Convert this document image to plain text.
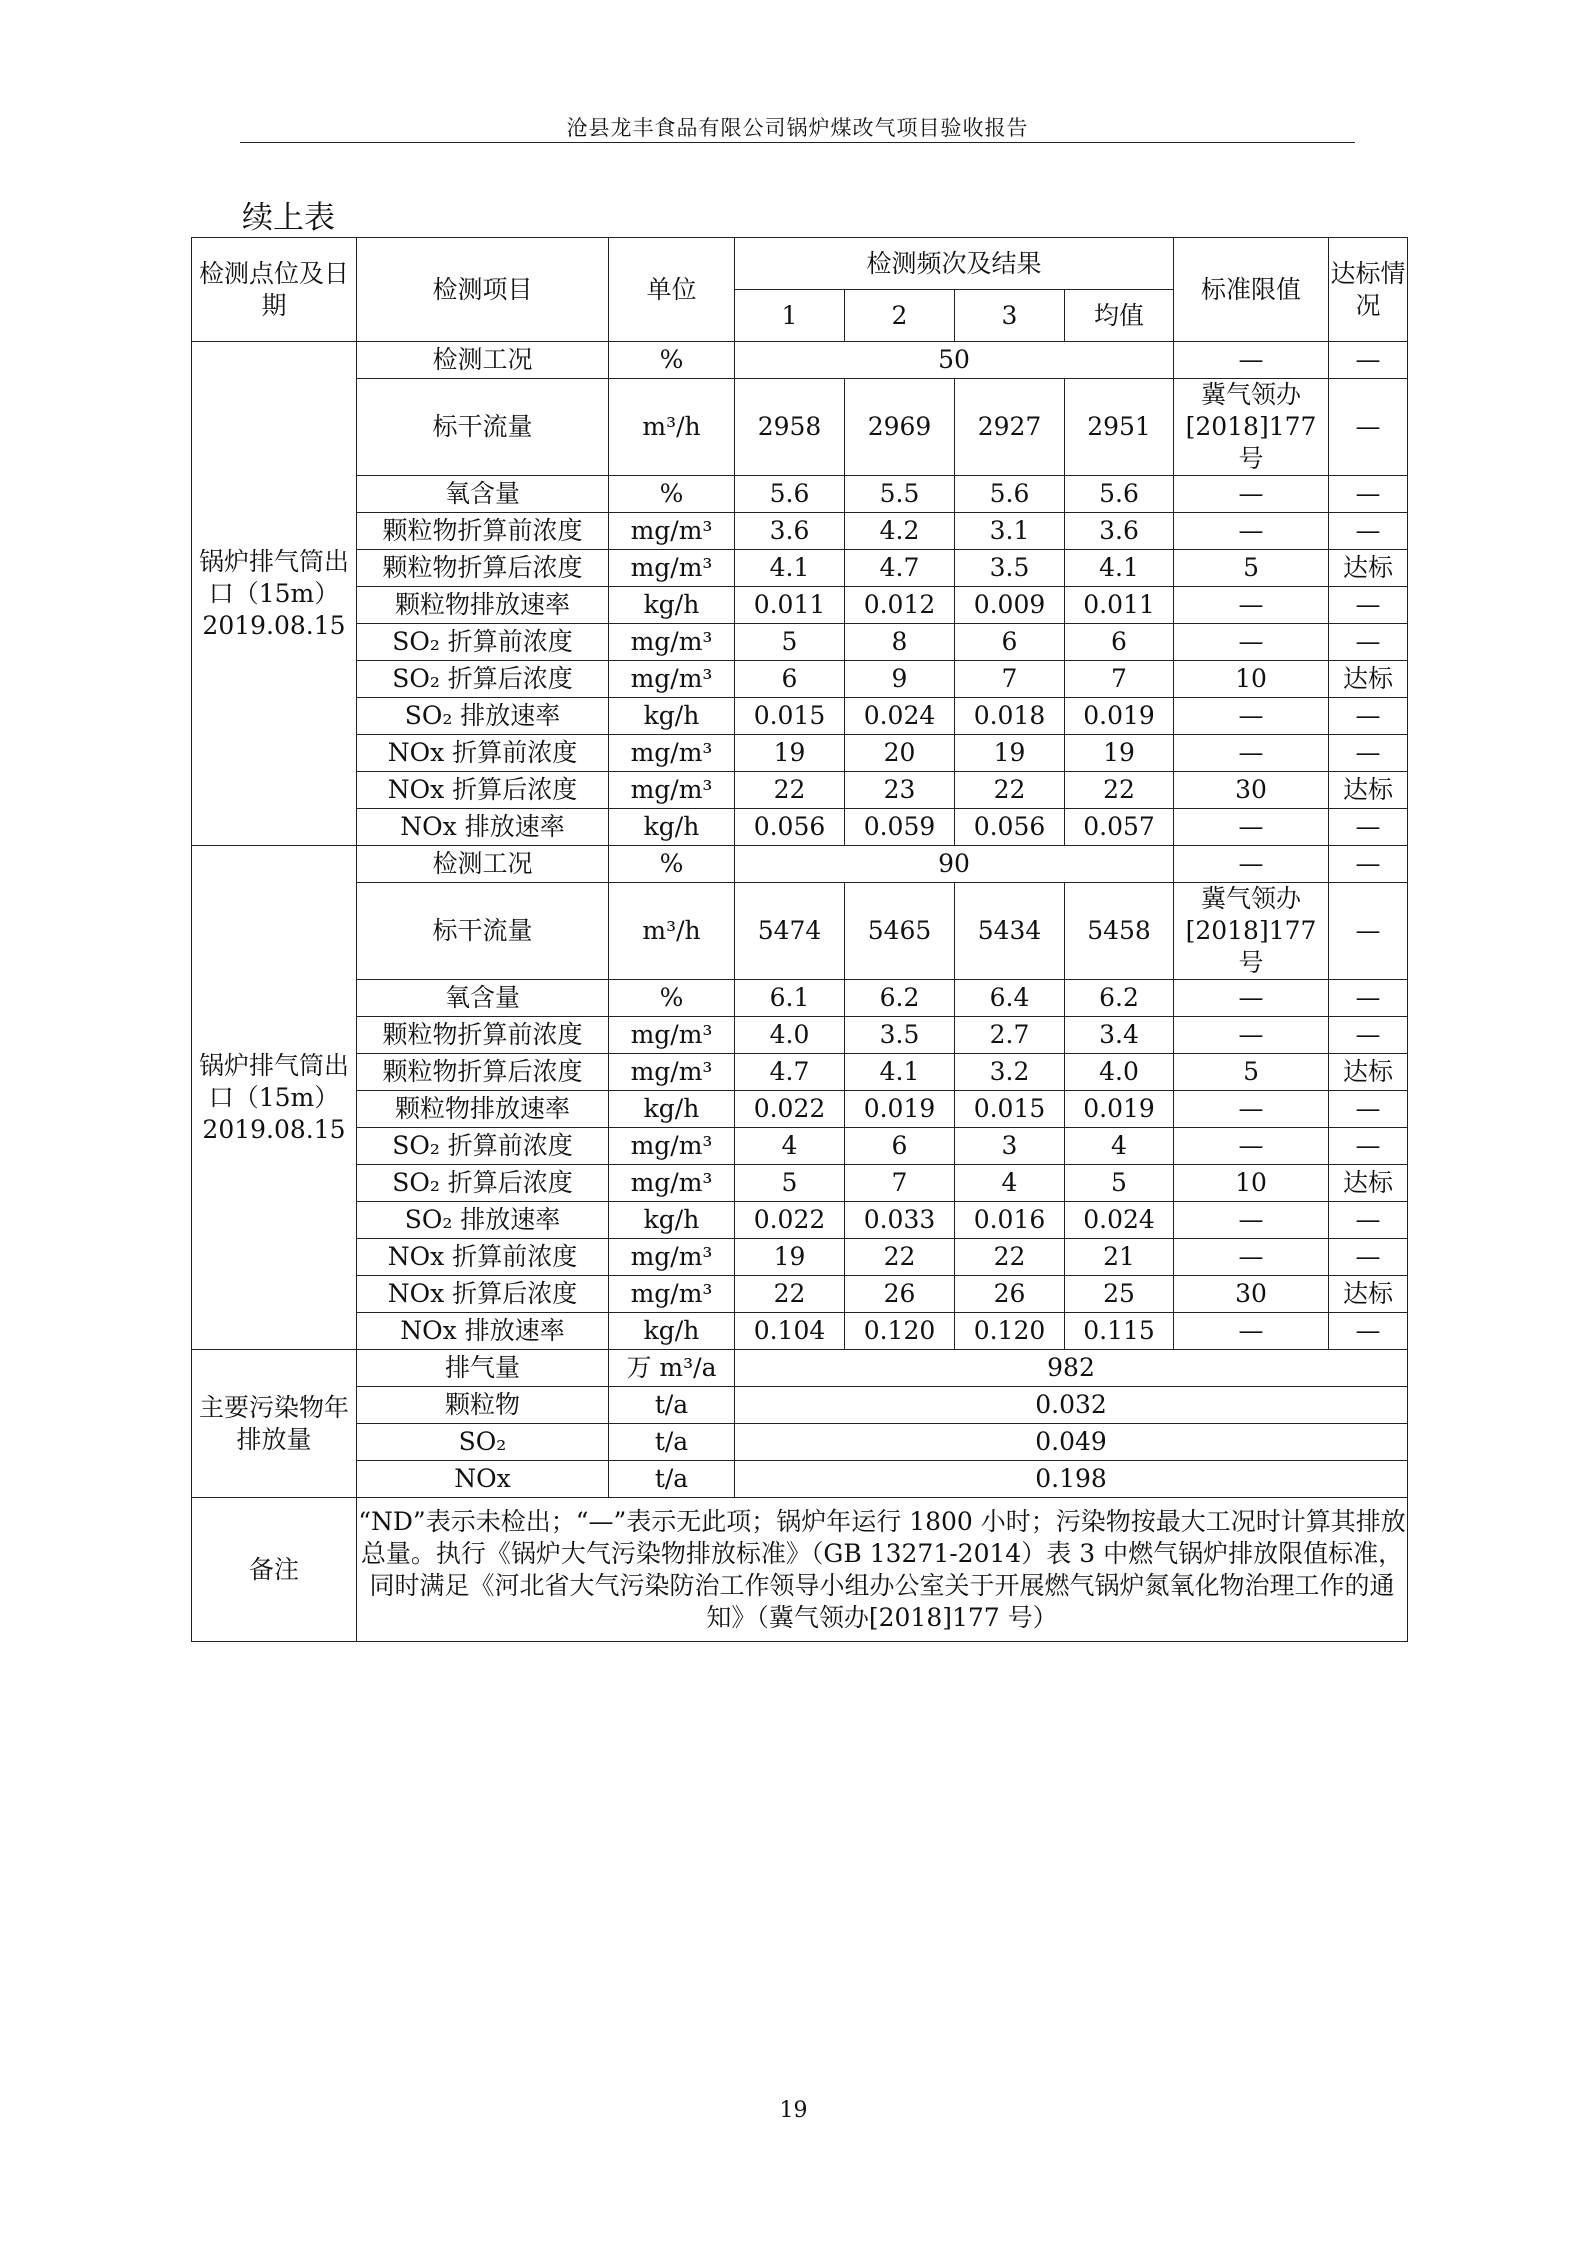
沧县龙丰食品有限公司锅炉煤改气项目验收报告
续上表
检测点位及日期	检测项目	单位	检测频次及结果				标准限值	达标情况
			1	2	3	均值		
锅炉排气筒出口（15m）2019.08.15	检测工况	%	50				—	—
	标干流量	m³/h	2958	2969	2927	2951	冀气领办[2018]177 号	—
	氧含量	%	5.6	5.5	5.6	5.6	—	—
	颗粒物折算前浓度	mg/m³	3.6	4.2	3.1	3.6	—	—
	颗粒物折算后浓度	mg/m³	4.1	4.7	3.5	4.1	5	达标
	颗粒物排放速率	kg/h	0.011	0.012	0.009	0.011	—	—
	SO₂ 折算前浓度	mg/m³	5	8	6	6	—	—
	SO₂ 折算后浓度	mg/m³	6	9	7	7	10	达标
	SO₂ 排放速率	kg/h	0.015	0.024	0.018	0.019	—	—
	NOx 折算前浓度	mg/m³	19	20	19	19	—	—
	NOx 折算后浓度	mg/m³	22	23	22	22	30	达标
	NOx 排放速率	kg/h	0.056	0.059	0.056	0.057	—	—
锅炉排气筒出口（15m）2019.08.15	检测工况	%	90				—	—
	标干流量	m³/h	5474	5465	5434	5458	冀气领办[2018]177 号	—
	氧含量	%	6.1	6.2	6.4	6.2	—	—
	颗粒物折算前浓度	mg/m³	4.0	3.5	2.7	3.4	—	—
	颗粒物折算后浓度	mg/m³	4.7	4.1	3.2	4.0	5	达标
	颗粒物排放速率	kg/h	0.022	0.019	0.015	0.019	—	—
	SO₂ 折算前浓度	mg/m³	4	6	3	4	—	—
	SO₂ 折算后浓度	mg/m³	5	7	4	5	10	达标
	SO₂ 排放速率	kg/h	0.022	0.033	0.016	0.024	—	—
	NOx 折算前浓度	mg/m³	19	22	22	21	—	—
	NOx 折算后浓度	mg/m³	22	26	26	25	30	达标
	NOx 排放速率	kg/h	0.104	0.120	0.120	0.115	—	—
主要污染物年排放量	排气量	万 m³/a	982					
	颗粒物	t/a	0.032					
	SO₂	t/a	0.049					
	NOx	t/a	0.198					
备注	“ND”表示未检出；“—”表示无此项；锅炉年运行 1800 小时；污染物按最大工况时计算其排放总量。执行《锅炉大气污染物排放标准》（GB 13271-2014）表 3 中燃气锅炉排放限值标准，同时满足《河北省大气污染防治工作领导小组办公室关于开展燃气锅炉氮氧化物治理工作的通知》（冀气领办[2018]177 号）							
19
